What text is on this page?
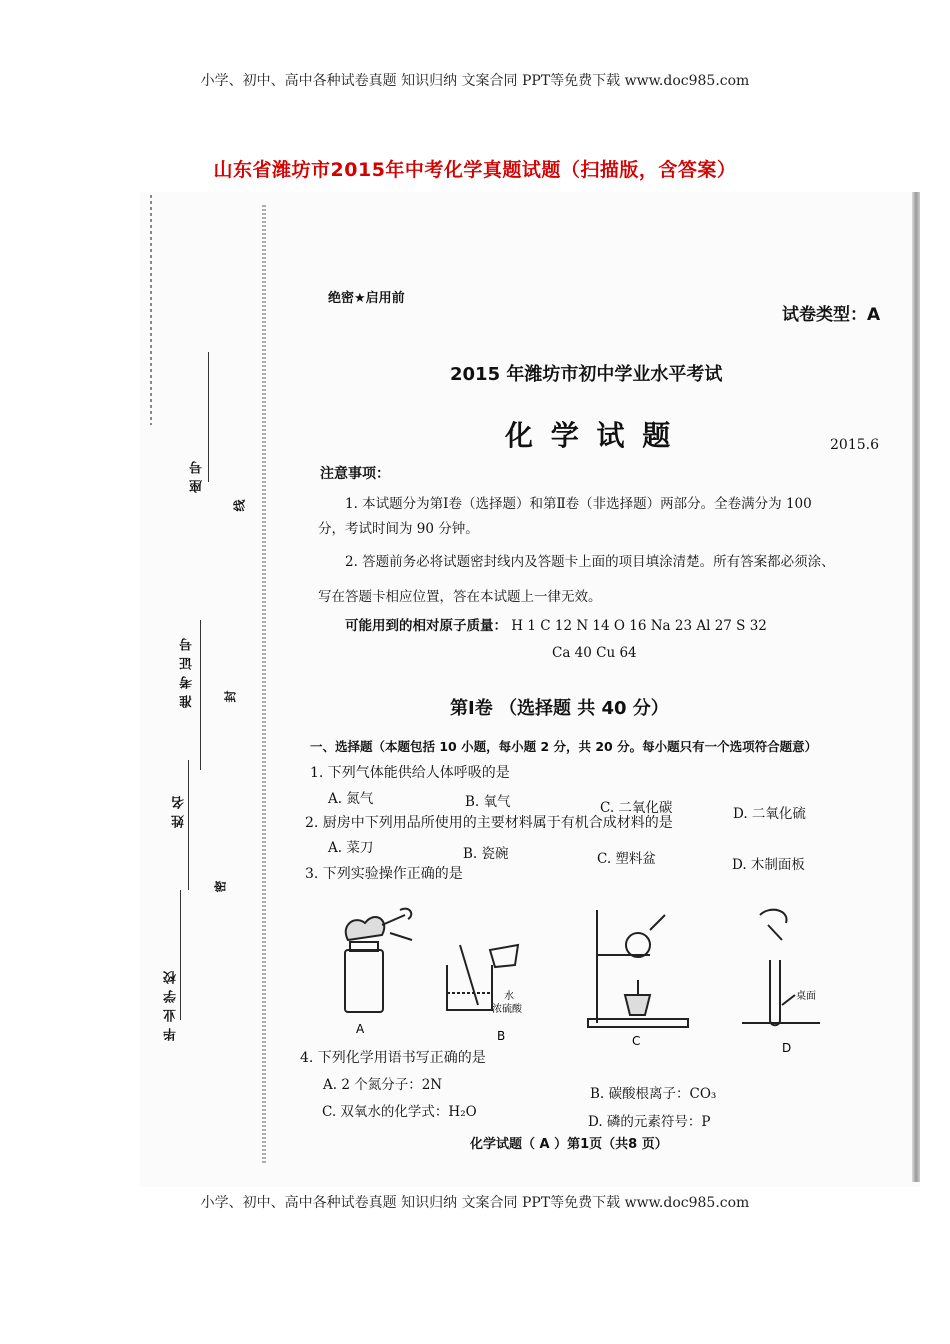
小学、初中、高中各种试卷真题 知识归纳 文案合同 PPT等免费下载 www.doc985.com
山东省潍坊市2015年中考化学真题试题（扫描版，含答案）
小学、初中、高中各种试卷真题 知识归纳 文案合同 PPT等免费下载 www.doc985.com
座号
准考证号
姓名
毕业学校
线
封
密
绝密★启用前
试卷类型：A
2015 年潍坊市初中学业水平考试
化 学 试 题	2015.6
注意事项：
1. 本试题分为第Ⅰ卷（选择题）和第Ⅱ卷（非选择题）两部分。全卷满分为 100
分，考试时间为 90 分钟。
2. 答题前务必将试题密封线内及答题卡上面的项目填涂清楚。所有答案都必须涂、
写在答题卡相应位置，答在本试题上一律无效。
可能用到的相对原子质量： H 1 C 12 N 14 O 16 Na 23 Al 27 S 32
Ca 40 Cu 64
第Ⅰ卷 （选择题 共 40 分）
一、选择题（本题包括 10 小题，每小题 2 分，共 20 分。每小题只有一个选项符合题意）
1. 下列气体能供给人体呼吸的是
A. 氮气	B. 氧气	C. 二氧化碳	D. 二氧化硫
2. 厨房中下列用品所使用的主要材料属于有机合成材料的是
A. 菜刀	B. 瓷碗	C. 塑料盆	D. 木制面板
3. 下列实验操作正确的是
A
水
浓硫酸
B	C
桌面
D
4. 下列化学用语书写正确的是
A. 2 个氮分子：2N
B. 碳酸根离子：CO₃
C. 双氧水的化学式：H₂O
D. 磷的元素符号：P
化学试题（ A ）第1页（共8 页）
